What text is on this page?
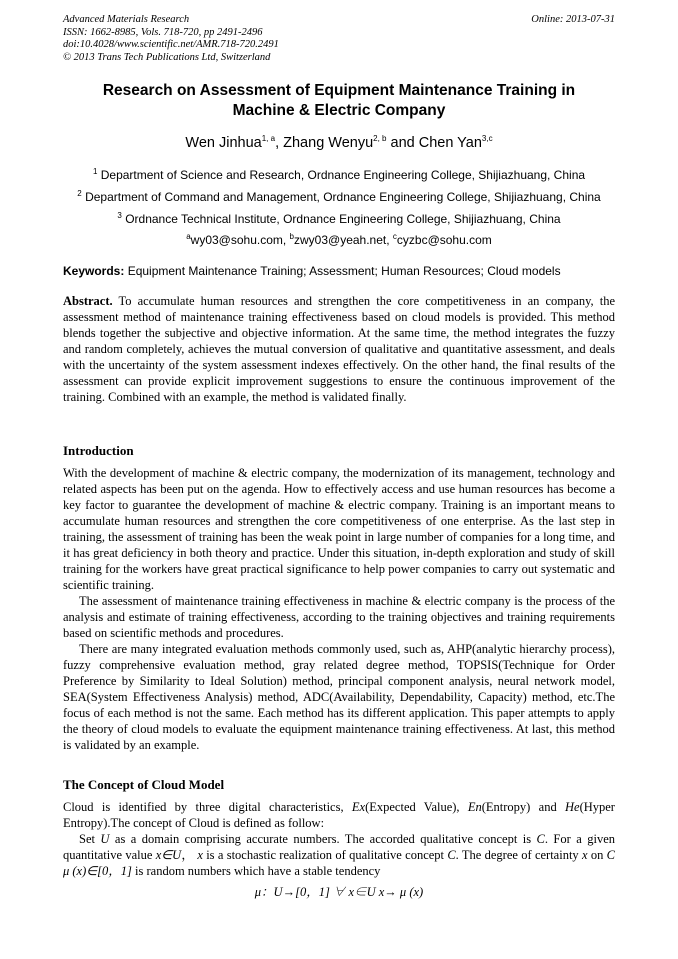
Advanced Materials Research
ISSN: 1662-8985, Vols. 718-720, pp 2491-2496
doi:10.4028/www.scientific.net/AMR.718-720.2491
© 2013 Trans Tech Publications Ltd, Switzerland
Online: 2013-07-31
Research on Assessment of Equipment Maintenance Training in
Machine & Electric Company
Wen Jinhua$^{1, a}$, Zhang Wenyu$^{2, b}$ and Chen Yan$^{3,c}$
$^1$ Department of Science and Research, Ordnance Engineering College, Shijiazhuang, China
$^2$ Department of Command and Management, Ordnance Engineering College, Shijiazhuang, China
$^3$ Ordnance Technical Institute, Ordnance Engineering College, Shijiazhuang, China
$^a$wy03@sohu.com, $^b$zwy03@yeah.net, $^c$cyzbc@sohu.com
Keywords: Equipment Maintenance Training; Assessment; Human Resources; Cloud models

Abstract. To accumulate human resources and strengthen the core competitiveness in an company, the assessment method of maintenance training effectiveness based on cloud models is provided. This method blends together the subjective and objective information. At the same time, the method integrates the fuzzy and random completely, achieves the mutual conversion of qualitative and quantitative assessment, and deals with the uncertainty of the system assessment indexes effectively. On the other hand, the final results of the assessment can provide explicit improvement suggestions to ensure the continuous improvement of the training. Combined with an example, the method is validated finally.

Introduction

With the development of machine & electric company, the modernization of its management, technology and related aspects has been put on the agenda. How to effectively access and use human resources has become a key factor to guarantee the development of machine & electric company. Training is an important means to accumulate human resources and strengthen the core competitiveness of one enterprise. As the last step in training, the assessment of training has been the weak point in large number of companies for a long time, and it has great deficiency in both theory and practice. Under this situation, in-depth exploration and study of skill training for the workers have great practical significance to help power companies to carry out systematic and scientific training.

The assessment of maintenance training effectiveness in machine & electric company is the process of the analysis and estimate of training effectiveness, according to the training objectives and training requirements based on scientific methods and procedures.

There are many integrated evaluation methods commonly used, such as, AHP(analytic hierarchy process), fuzzy comprehensive evaluation method, gray related degree method, TOPSIS(Technique for Order Preference by Similarity to Ideal Solution) method, principal component analysis, neural network model, SEA(System Effectiveness Analysis) method, ADC(Availability, Dependability, Capacity) method, etc.The focus of each method is not the same. Each method has its different application. This paper attempts to apply the theory of cloud models to evaluate the equipment maintenance training effectiveness. At last, this method is validated by an example.

The Concept of Cloud Model

Cloud is identified by three digital characteristics, Ex(Expected Value), En(Entropy) and He(Hyper Entropy).The concept of Cloud is defined as follow:

Set U as a domain comprising accurate numbers. The accorded qualitative concept is C. For a given quantitative value x∈U， x is a stochastic realization of qualitative concept C. The degree of certainty x on C μ (x)∈[0，1] is random numbers which have a stable tendency

μ：U→[0，1] ∀ x∈U x→ μ (x)
